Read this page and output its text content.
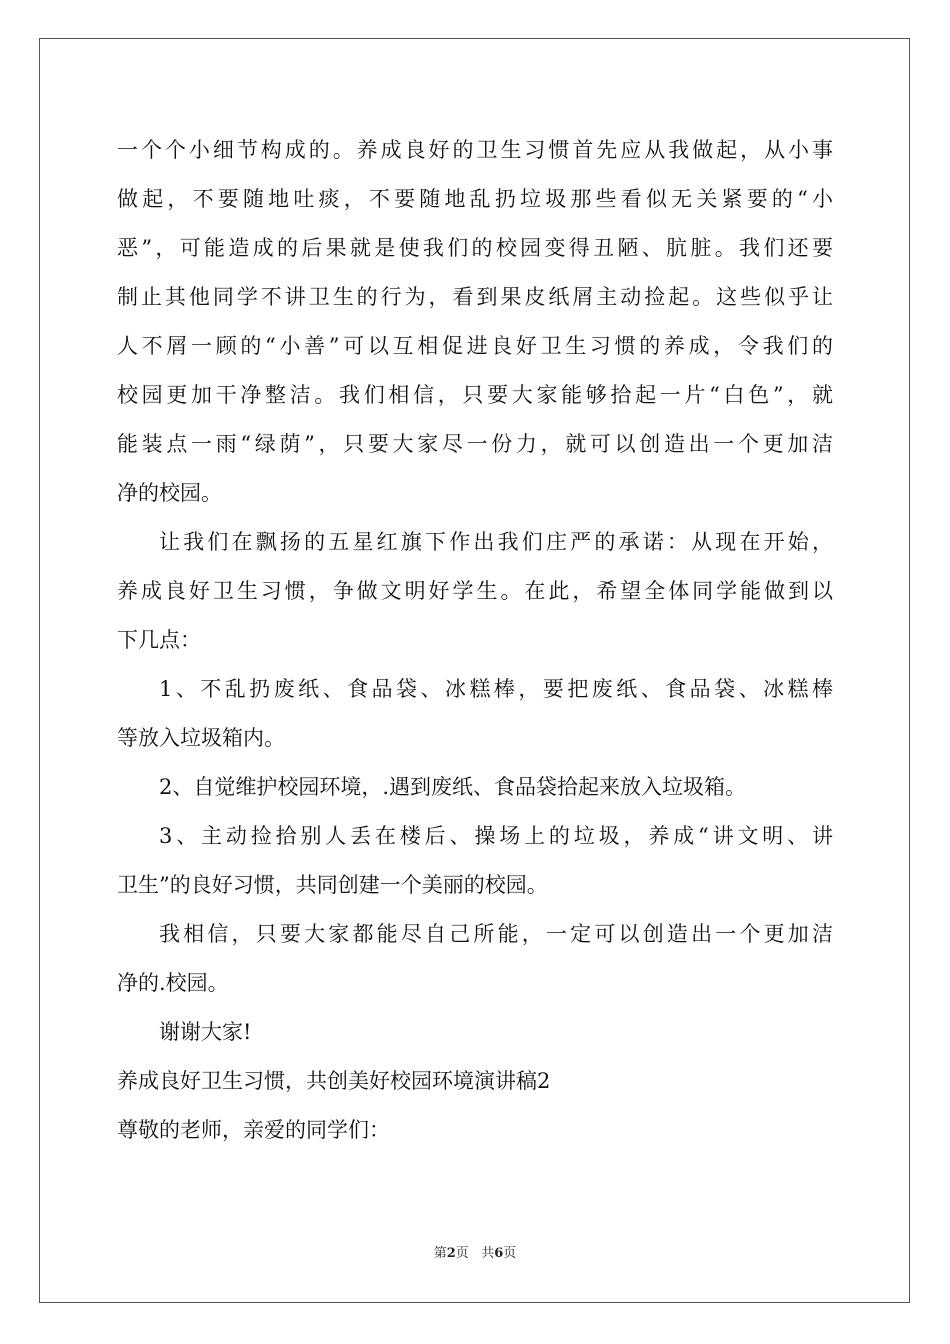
一个个小细节构成的。养成良好的卫生习惯首先应从我做起，从小事
做起，不要随地吐痰，不要随地乱扔垃圾那些看似无关紧要的“小
恶”，可能造成的后果就是使我们的校园变得丑陋、肮脏。我们还要
制止其他同学不讲卫生的行为，看到果皮纸屑主动捡起。这些似乎让
人不屑一顾的“小善”可以互相促进良好卫生习惯的养成，令我们的
校园更加干净整洁。我们相信，只要大家能够拾起一片“白色”，就
能装点一雨“绿荫”，只要大家尽一份力，就可以创造出一个更加洁
净的校园。
让我们在飘扬的五星红旗下作出我们庄严的承诺：从现在开始，
养成良好卫生习惯，争做文明好学生。在此，希望全体同学能做到以
下几点：
1、不乱扔废纸、食品袋、冰糕棒，要把废纸、食品袋、冰糕棒
等放入垃圾箱内。
2、自觉维护校园环境，.遇到废纸、食品袋拾起来放入垃圾箱。
3、主动捡拾别人丢在楼后、操场上的垃圾，养成“讲文明、讲
卫生”的良好习惯，共同创建一个美丽的校园。
我相信，只要大家都能尽自己所能，一定可以创造出一个更加洁
净的.校园。
谢谢大家!
养成良好卫生习惯，共创美好校园环境演讲稿2
尊敬的老师，亲爱的同学们：
第2页 共6页
